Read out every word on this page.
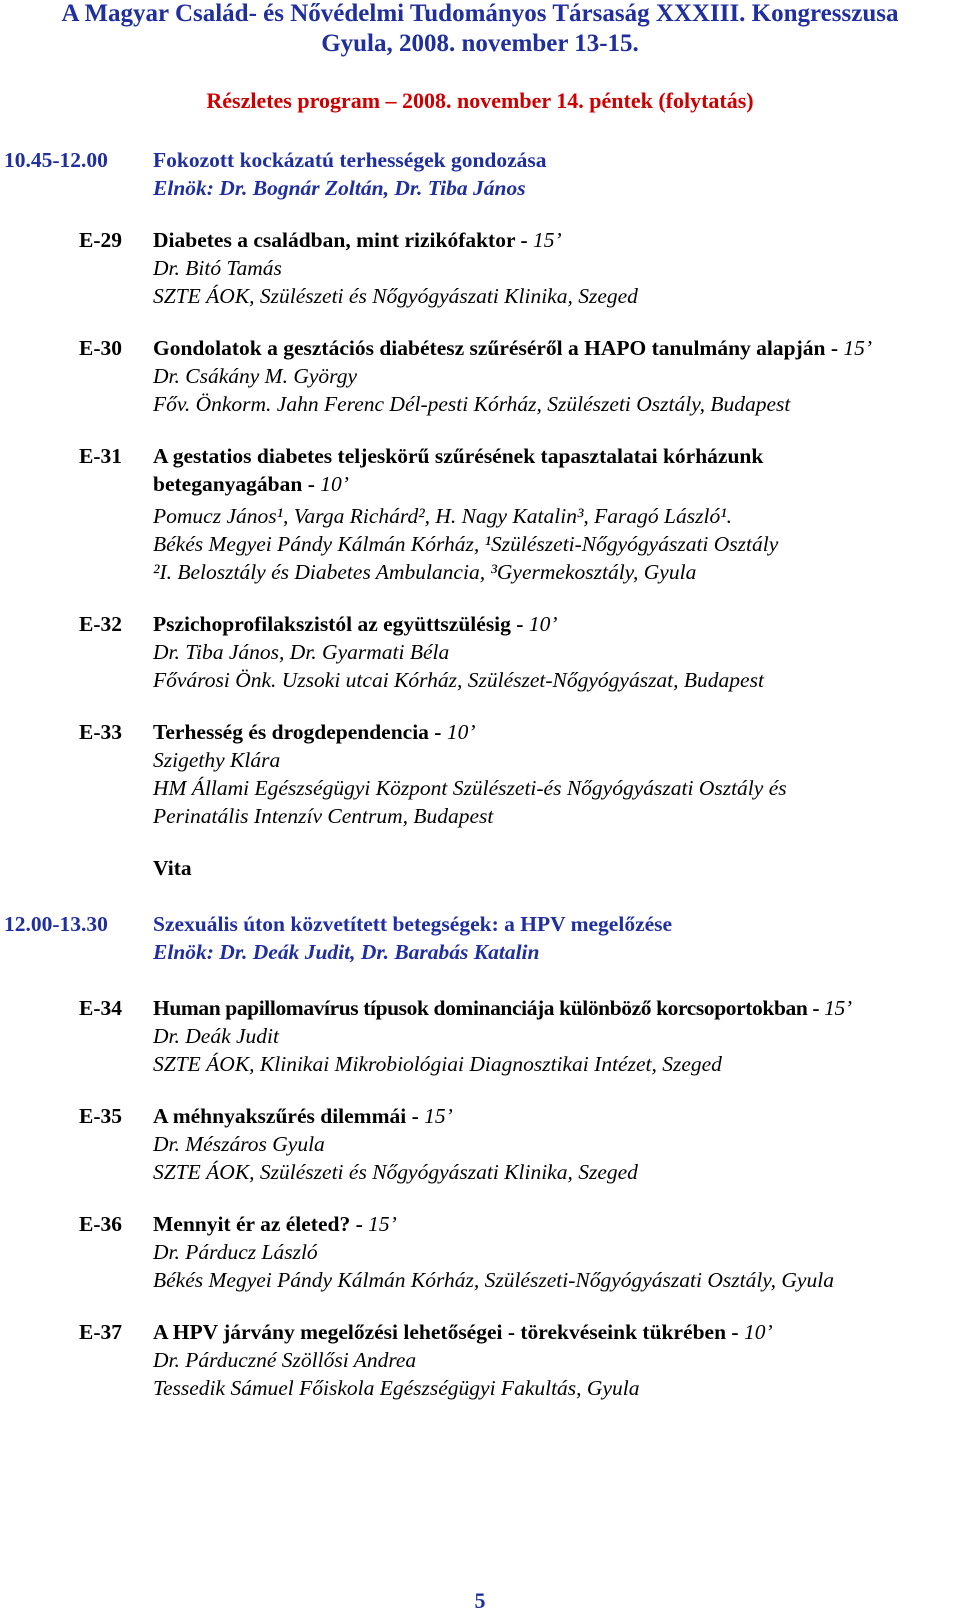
A Magyar Család- és Nővédelmi Tudományos Társaság XXXIII. Kongresszusa
Gyula, 2008. november 13-15.
Részletes program – 2008. november 14. péntek (folytatás)
10.45-12.00 Fokozott kockázatú terhességek gondozása
Elnök: Dr. Bognár Zoltán, Dr. Tiba János
E-29 Diabetes a családban, mint rizikófaktor - 15’
Dr. Bitó Tamás
SZTE ÁOK, Szülészeti és Nőgyógyászati Klinika, Szeged
E-30 Gondolatok a gesztációs diabétesz szűréséről a HAPO tanulmány alapján - 15’
Dr. Csákány M. György
Főv. Önkorm. Jahn Ferenc Dél-pesti Kórház, Szülészeti Osztály, Budapest
E-31 A gestatios diabetes teljeskörű szűrésének tapasztalatai kórházunk
beteganyagában - 10’
Pomucz János¹, Varga Richárd², H. Nagy Katalin³, Faragó László¹.
Békés Megyei Pándy Kálmán Kórház, ¹Szülészeti-Nőgyógyászati Osztály
²I. Belosztály és Diabetes Ambulancia, ³Gyermekosztály, Gyula
E-32 Pszichoprofilakszistól az együttszülésig - 10’
Dr. Tiba János, Dr. Gyarmati Béla
Fővárosi Önk. Uzsoki utcai Kórház, Szülészet-Nőgyógyászat, Budapest
E-33 Terhesség és drogdependencia - 10’
Szigethy Klára
HM Állami Egészségügyi Központ Szülészeti-és Nőgyógyászati Osztály és
Perinatális Intenzív Centrum, Budapest
Vita
12.00-13.30 Szexuális úton közvetített betegségek: a HPV megelőzése
Elnök: Dr. Deák Judit, Dr. Barabás Katalin
E-34 Human papillomavírus típusok dominanciája különböző korcsoportokban - 15’
Dr. Deák Judit
SZTE ÁOK, Klinikai Mikrobiológiai Diagnosztikai Intézet, Szeged
E-35 A méhnyakszűrés dilemmái - 15’
Dr. Mészáros Gyula
SZTE ÁOK, Szülészeti és Nőgyógyászati Klinika, Szeged
E-36 Mennyit ér az életed? - 15’
Dr. Párducz László
Békés Megyei Pándy Kálmán Kórház, Szülészeti-Nőgyógyászati Osztály, Gyula
E-37 A HPV járvány megelőzési lehetőségei - törekvéseink tükrében - 10’
Dr. Párduczné Szöllősi Andrea
Tessedik Sámuel Főiskola Egészségügyi Fakultás, Gyula
5
